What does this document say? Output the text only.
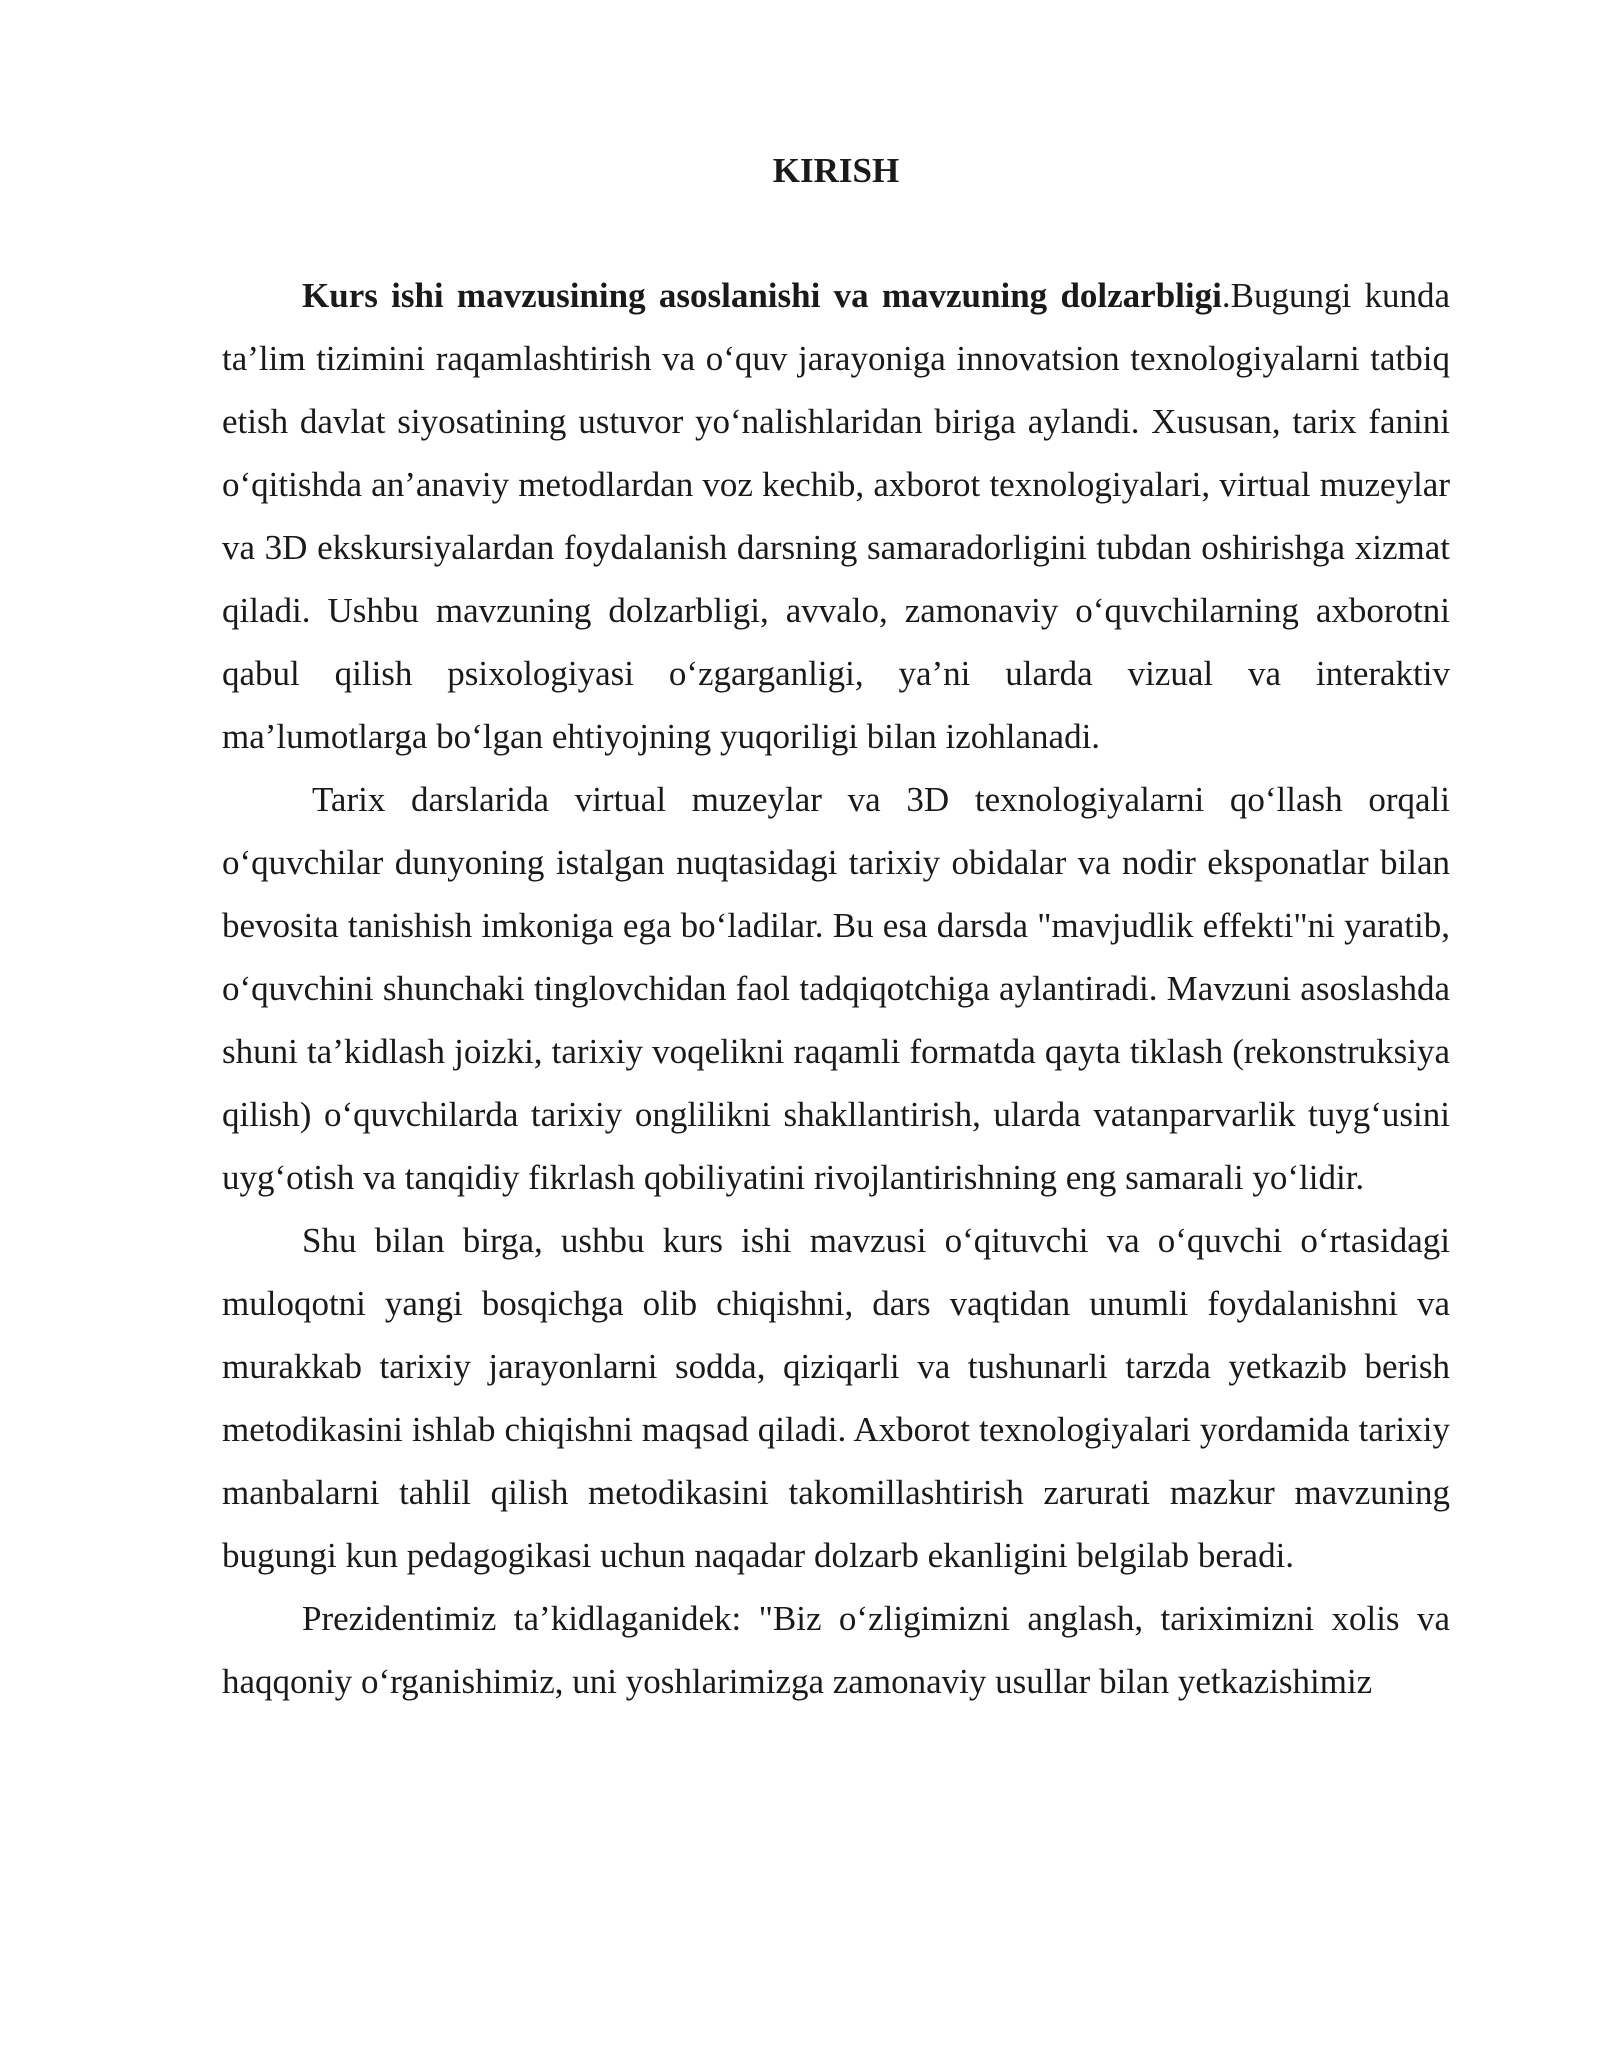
KIRISH

Kurs ishi mavzusining asoslanishi va mavzuning dolzarbligi.Bugungi kunda ta’lim tizimini raqamlashtirish va o‘quv jarayoniga innovatsion texnologiyalarni tatbiq etish davlat siyosatining ustuvor yo‘nalishlaridan biriga aylandi. Xususan, tarix fanini o‘qitishda an’anaviy metodlardan voz kechib, axborot texnologiyalari, virtual muzeylar va 3D ekskursiyalardan foydalanish darsning samaradorligini tubdan oshirishga xizmat qiladi. Ushbu mavzuning dolzarbligi, avvalo, zamonaviy o‘quvchilarning axborotni qabul qilish psixologiyasi o‘zgarganligi, ya’ni ularda vizual va interaktiv ma’lumotlarga bo‘lgan ehtiyojning yuqoriligi bilan izohlanadi.

Tarix darslarida virtual muzeylar va 3D texnologiyalarni qo‘llash orqali o‘quvchilar dunyoning istalgan nuqtasidagi tarixiy obidalar va nodir eksponatlar bilan bevosita tanishish imkoniga ega bo‘ladilar. Bu esa darsda "mavjudlik effekti"ni yaratib, o‘quvchini shunchaki tinglovchidan faol tadqiqotchiga aylantiradi. Mavzuni asoslashda shuni ta’kidlash joizki, tarixiy voqelikni raqamli formatda qayta tiklash (rekonstruksiya qilish) o‘quvchilarda tarixiy onglilikni shakllantirish, ularda vatanparvarlik tuyg‘usini uyg‘otish va tanqidiy fikrlash qobiliyatini rivojlantirishning eng samarali yo‘lidir.

Shu bilan birga, ushbu kurs ishi mavzusi o‘qituvchi va o‘quvchi o‘rtasidagi muloqotni yangi bosqichga olib chiqishni, dars vaqtidan unumli foydalanishni va murakkab tarixiy jarayonlarni sodda, qiziqarli va tushunarli tarzda yetkazib berish metodikasini ishlab chiqishni maqsad qiladi. Axborot texnologiyalari yordamida tarixiy manbalarni tahlil qilish metodikasini takomillashtirish zarurati mazkur mavzuning bugungi kun pedagogikasi uchun naqadar dolzarb ekanligini belgilab beradi.

Prezidentimiz ta’kidlaganidek: "Biz o‘zligimizni anglash, tariximizni xolis va haqqoniy o‘rganishimiz, uni yoshlarimizga zamonaviy usullar bilan yetkazishimiz
